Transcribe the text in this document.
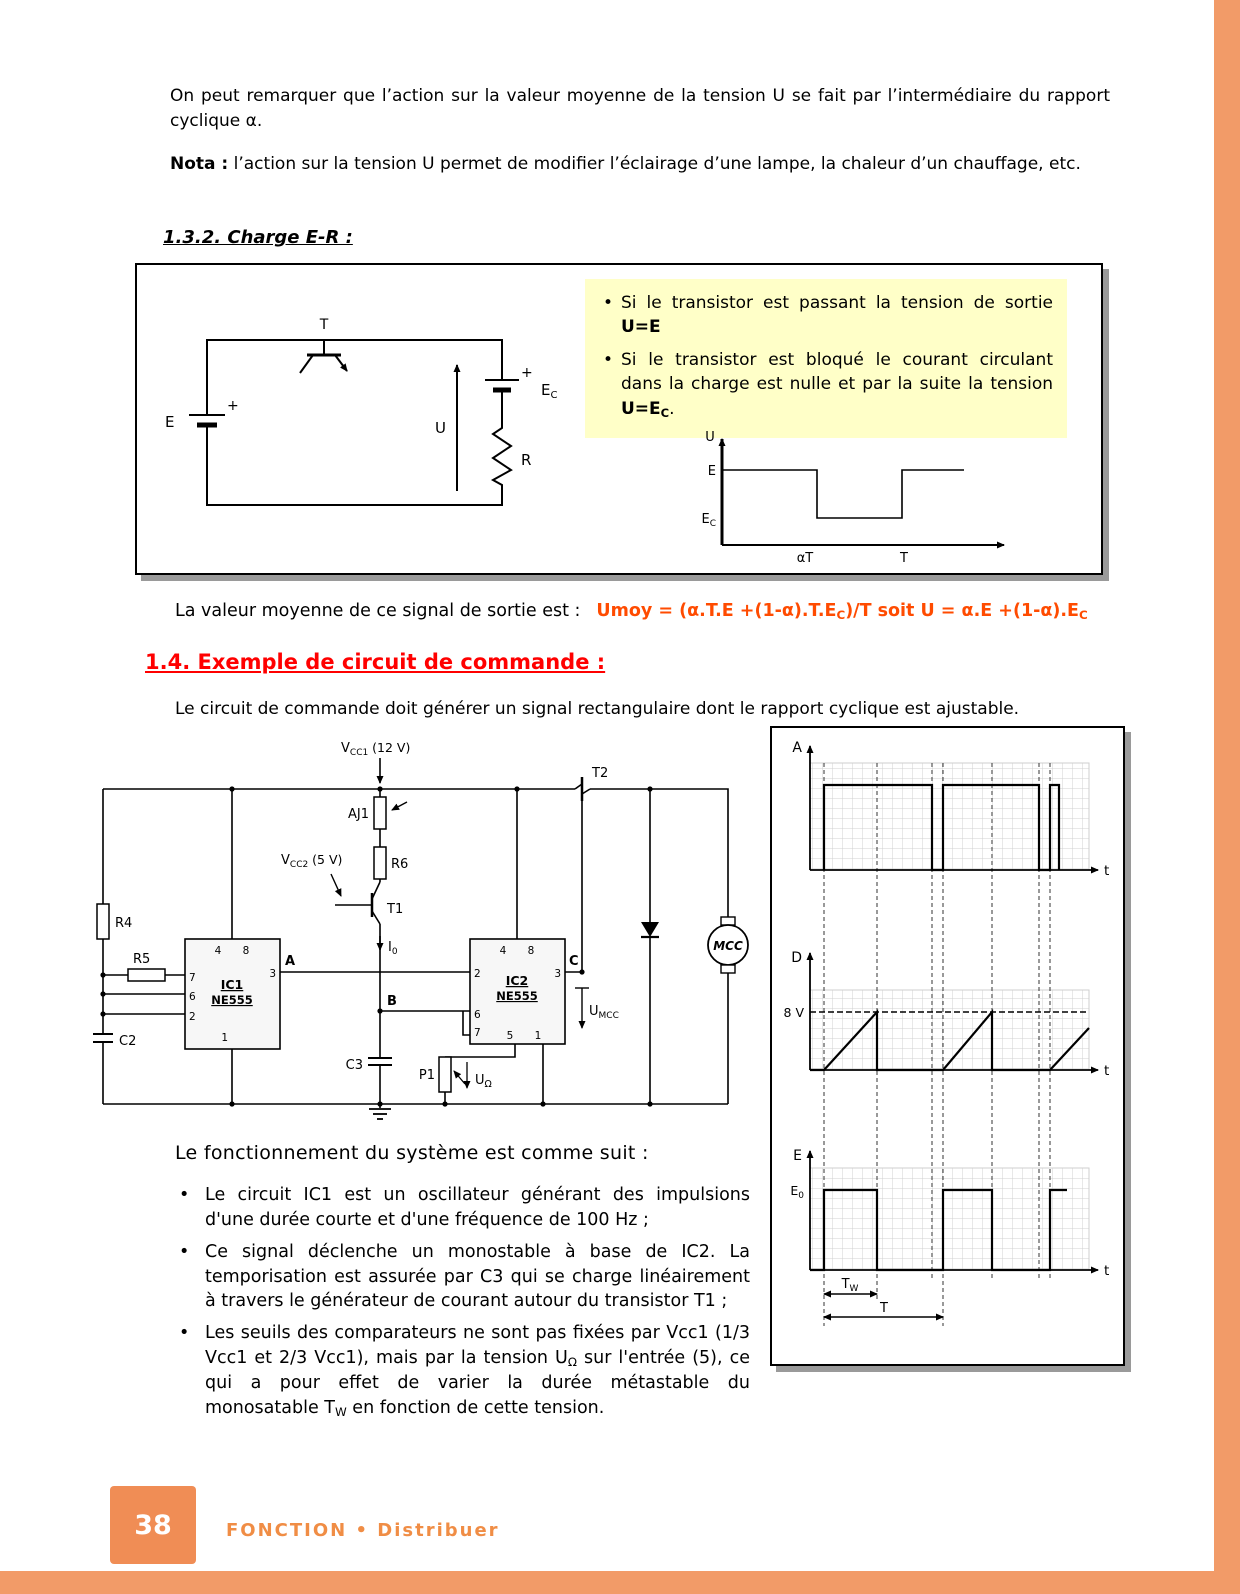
On peut remarquer que l’action sur la valeur moyenne de la tension U se fait par l’intermédiaire du rapport cyclique α.
Nota : l’action sur la tension U permet de modifier l’éclairage d’une lampe, la chaleur d’un chauffage, etc.
1.3.2. Charge E-R :
+
E
T
+
$E_C$
R
U
• Si le transistor est passant la tension de sortie U=E
• Si le transistor est bloqué le courant circulant dans la charge est nulle et par la suite la tension U=EC.
U
E
$E_C$
αT	T
La valeur moyenne de ce signal de sortie est : Umoy = (α.T.E +(1-α).T.EC)/T soit U = α.E +(1-α).EC
1.4. Exemple de circuit de commande :
Le circuit de commande doit générer un signal rectangulaire dont le rapport cyclique est ajustable.
$V_{CC1}$ (12 V)
AJ1
R6
$V_{CC2}$ (5 V)
T1
$I_0$
R4
R5
C2
IC1
NE555
4 8
7
6
2
3
1
IC2
NE555
4 8
2	3
6
7 5 1
A
B
C
C3
P1	$U_\Omega$
$U_{MCC}$
T2
MCC
A
D
E
8 V
$E_0$
t
t
t
$T_W$
T
Le fonctionnement du système est comme suit :
• Le circuit IC1 est un oscillateur générant des impulsions d'une durée courte et d'une fréquence de 100 Hz ;
• Ce signal déclenche un monostable à base de IC2. La temporisation est assurée par C3 qui se charge linéairement à travers le générateur de courant autour du transistor T1 ;
• Les seuils des comparateurs ne sont pas fixées par Vcc1 (1/3 Vcc1 et 2/3 Vcc1), mais par la tension UΩ sur l'entrée (5), ce qui a pour effet de varier la durée métastable du monosatable TW en fonction de cette tension.
38	FONCTION • Distribuer
